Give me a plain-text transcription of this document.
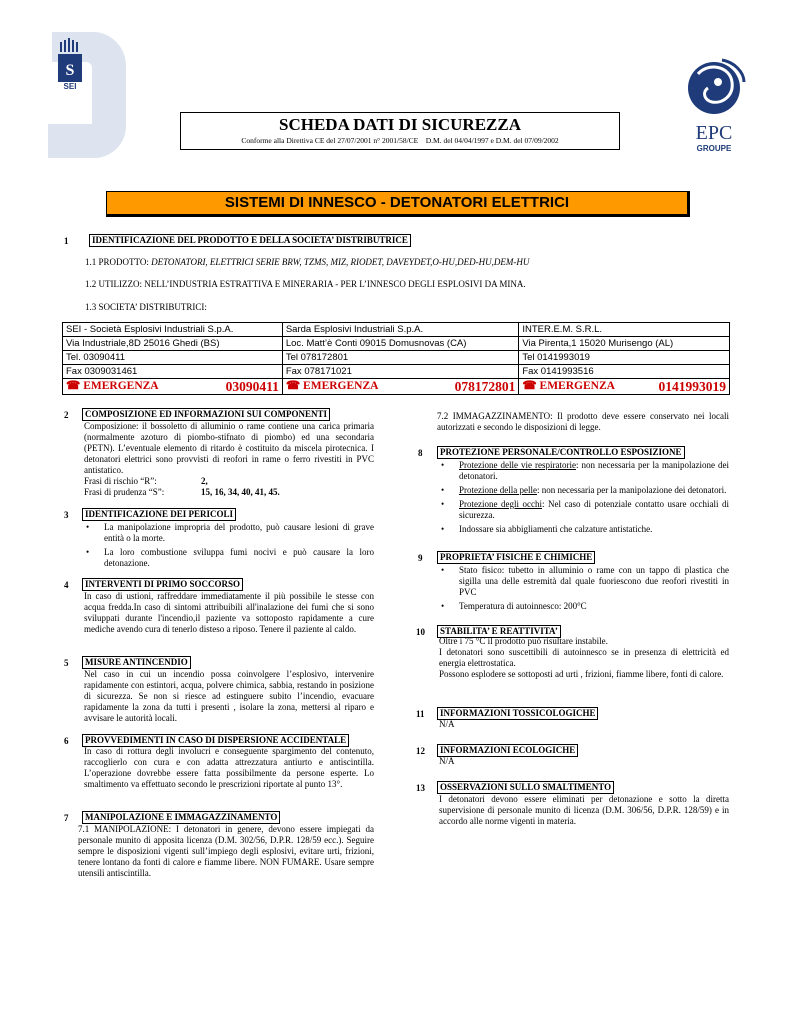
S
SEI
EPC
GROUPE
SCHEDA DATI DI SICUREZZA
Conforme alla Direttiva CE del 27/07/2001 n° 2001/58/CE    D.M. del 04/04/1997 e D.M. del 07/09/2002
SISTEMI DI INNESCO - DETONATORI ELETTRICI
1	IDENTIFICAZIONE DEL PRODOTTO E DELLA SOCIETA’ DISTRIBUTRICE
1.1 PRODOTTO: DETONATORI, ELETTRICI SERIE BRW, TZMS, MIZ, RIODET, DAVEYDET,O-HU,DED-HU,DEM-HU
1.2 UTILIZZO: NELL’INDUSTRIA ESTRATTIVA E MINERARIA - PER L’INNESCO DEGLI ESPLOSIVI DA MINA.
1.3 SOCIETA’ DISTRIBUTRICI:
SEI - Società Esplosivi Industriali S.p.A.	Sarda Esplosivi Industriali S.p.A.	INTER.E.M. S.R.L.
Via Industriale,8D 25016 Ghedi (BS)	Loc. Matt’è Conti 09015 Domusnovas (CA)	Via Pirenta,1 15020 Murisengo (AL)
Tel. 03090411	Tel 078172801	Tel 0141993019
Fax 0309031461	Fax 078171021	Fax 0141993516
☎ EMERGENZA 03090411	☎ EMERGENZA 078172801	☎ EMERGENZA 0141993019
2	COMPOSIZIONE ED INFORMAZIONI SUI COMPONENTI
Composizione: il bossoletto di alluminio o rame contiene una carica primaria (normalmente azoturo di piombo-stifnato di piombo) ed una secondaria (PETN). L’eventuale elemento di ritardo è costituito da miscela pirotecnica. I detonatori elettrici sono provvisti di reofori in rame o ferro rivestiti in PVC antistatico.
Frasi di rischio “R”:	2,
Frasi di prudenza “S”:	15, 16, 34, 40, 41, 45.
3	IDENTIFICAZIONE DEI PERICOLI
• La manipolazione impropria del prodotto, può causare lesioni di grave entità o la morte.
• La loro combustione sviluppa fumi nocivi e può causare la loro detonazione.
4	INTERVENTI DI PRIMO SOCCORSO
In caso di ustioni, raffreddare immediatamente il più possibile le stesse con acqua fredda.In caso di sintomi attribuibili all'inalazione dei fumi che si sono sviluppati durante l'incendio,il paziente va sottoposto rapidamente a cure mediche avendo cura di tenerlo disteso a riposo. Tenere il paziente al caldo.
5	MISURE ANTINCENDIO
Nel caso in cui un incendio possa coinvolgere l’esplosivo, intervenire rapidamente con estintori, acqua, polvere chimica, sabbia, restando in posizione di sicurezza. Se non si riesce ad estinguere subito l’incendio, evacuare rapidamente la zona da tutti i presenti , isolare la zona, mettersi al riparo e avvisare le autorità locali.
6	PROVVEDIMENTI IN CASO DI DISPERSIONE ACCIDENTALE
In caso di rottura degli involucri e conseguente spargimento del contenuto, raccoglierlo con cura e con adatta attrezzatura antiurto e antiscintilla. L’operazione dovrebbe essere fatta possibilmente da persone esperte. Lo smaltimento va effettuato secondo le prescrizioni riportate al punto 13°.
7	MANIPOLAZIONE E IMMAGAZZINAMENTO
7.1 MANIPOLAZIONE: I detonatori in genere, devono essere impiegati da personale munito di apposita licenza (D.M. 302/56, D.P.R. 128/59 ecc.). Seguire sempre le disposizioni vigenti sull’impiego degli esplosivi, evitare urti, frizioni, tenere lontano da fonti di calore e fiamme libere. NON FUMARE. Usare sempre utensili antiscintilla.
7.2 IMMAGAZZINAMENTO: Il prodotto deve essere conservato nei locali autorizzati e secondo le disposizioni di legge.
8	PROTEZIONE PERSONALE/CONTROLLO ESPOSIZIONE
• Protezione delle vie respiratorie: non necessaria per la manipolazione dei detonatori.
• Protezione della pelle: non necessaria per la manipolazione dei detonatori.
• Protezione degli occhi: Nel caso di potenziale contatto usare occhiali di sicurezza.
• Indossare sia abbigliamenti che calzature antistatiche.
9	PROPRIETA’ FISICHE E CHIMICHE
• Stato fisico: tubetto in alluminio o rame con un tappo di plastica che sigilla una delle estremità dal quale fuoriescono due reofori rivestiti in PVC
• Temperatura di autoinnesco: 200°C
10	STABILITA’ E REATTIVITA’
Oltre i 75 °C il prodotto può risultare instabile.
I detonatori sono suscettibili di autoinnesco se in presenza di elettricità ed energia elettrostatica.
Possono esplodere se sottoposti ad urti , frizioni, fiamme libere, fonti di calore.
11	INFORMAZIONI TOSSICOLOGICHE
N/A
12	INFORMAZIONI ECOLOGICHE
N/A
13	OSSERVAZIONI SULLO SMALTIMENTO
I detonatori devono essere eliminati per detonazione e sotto la diretta supervisione di personale munito di licenza (D.M. 306/56, D.P.R. 128/59) e in accordo alle norme vigenti in materia.
